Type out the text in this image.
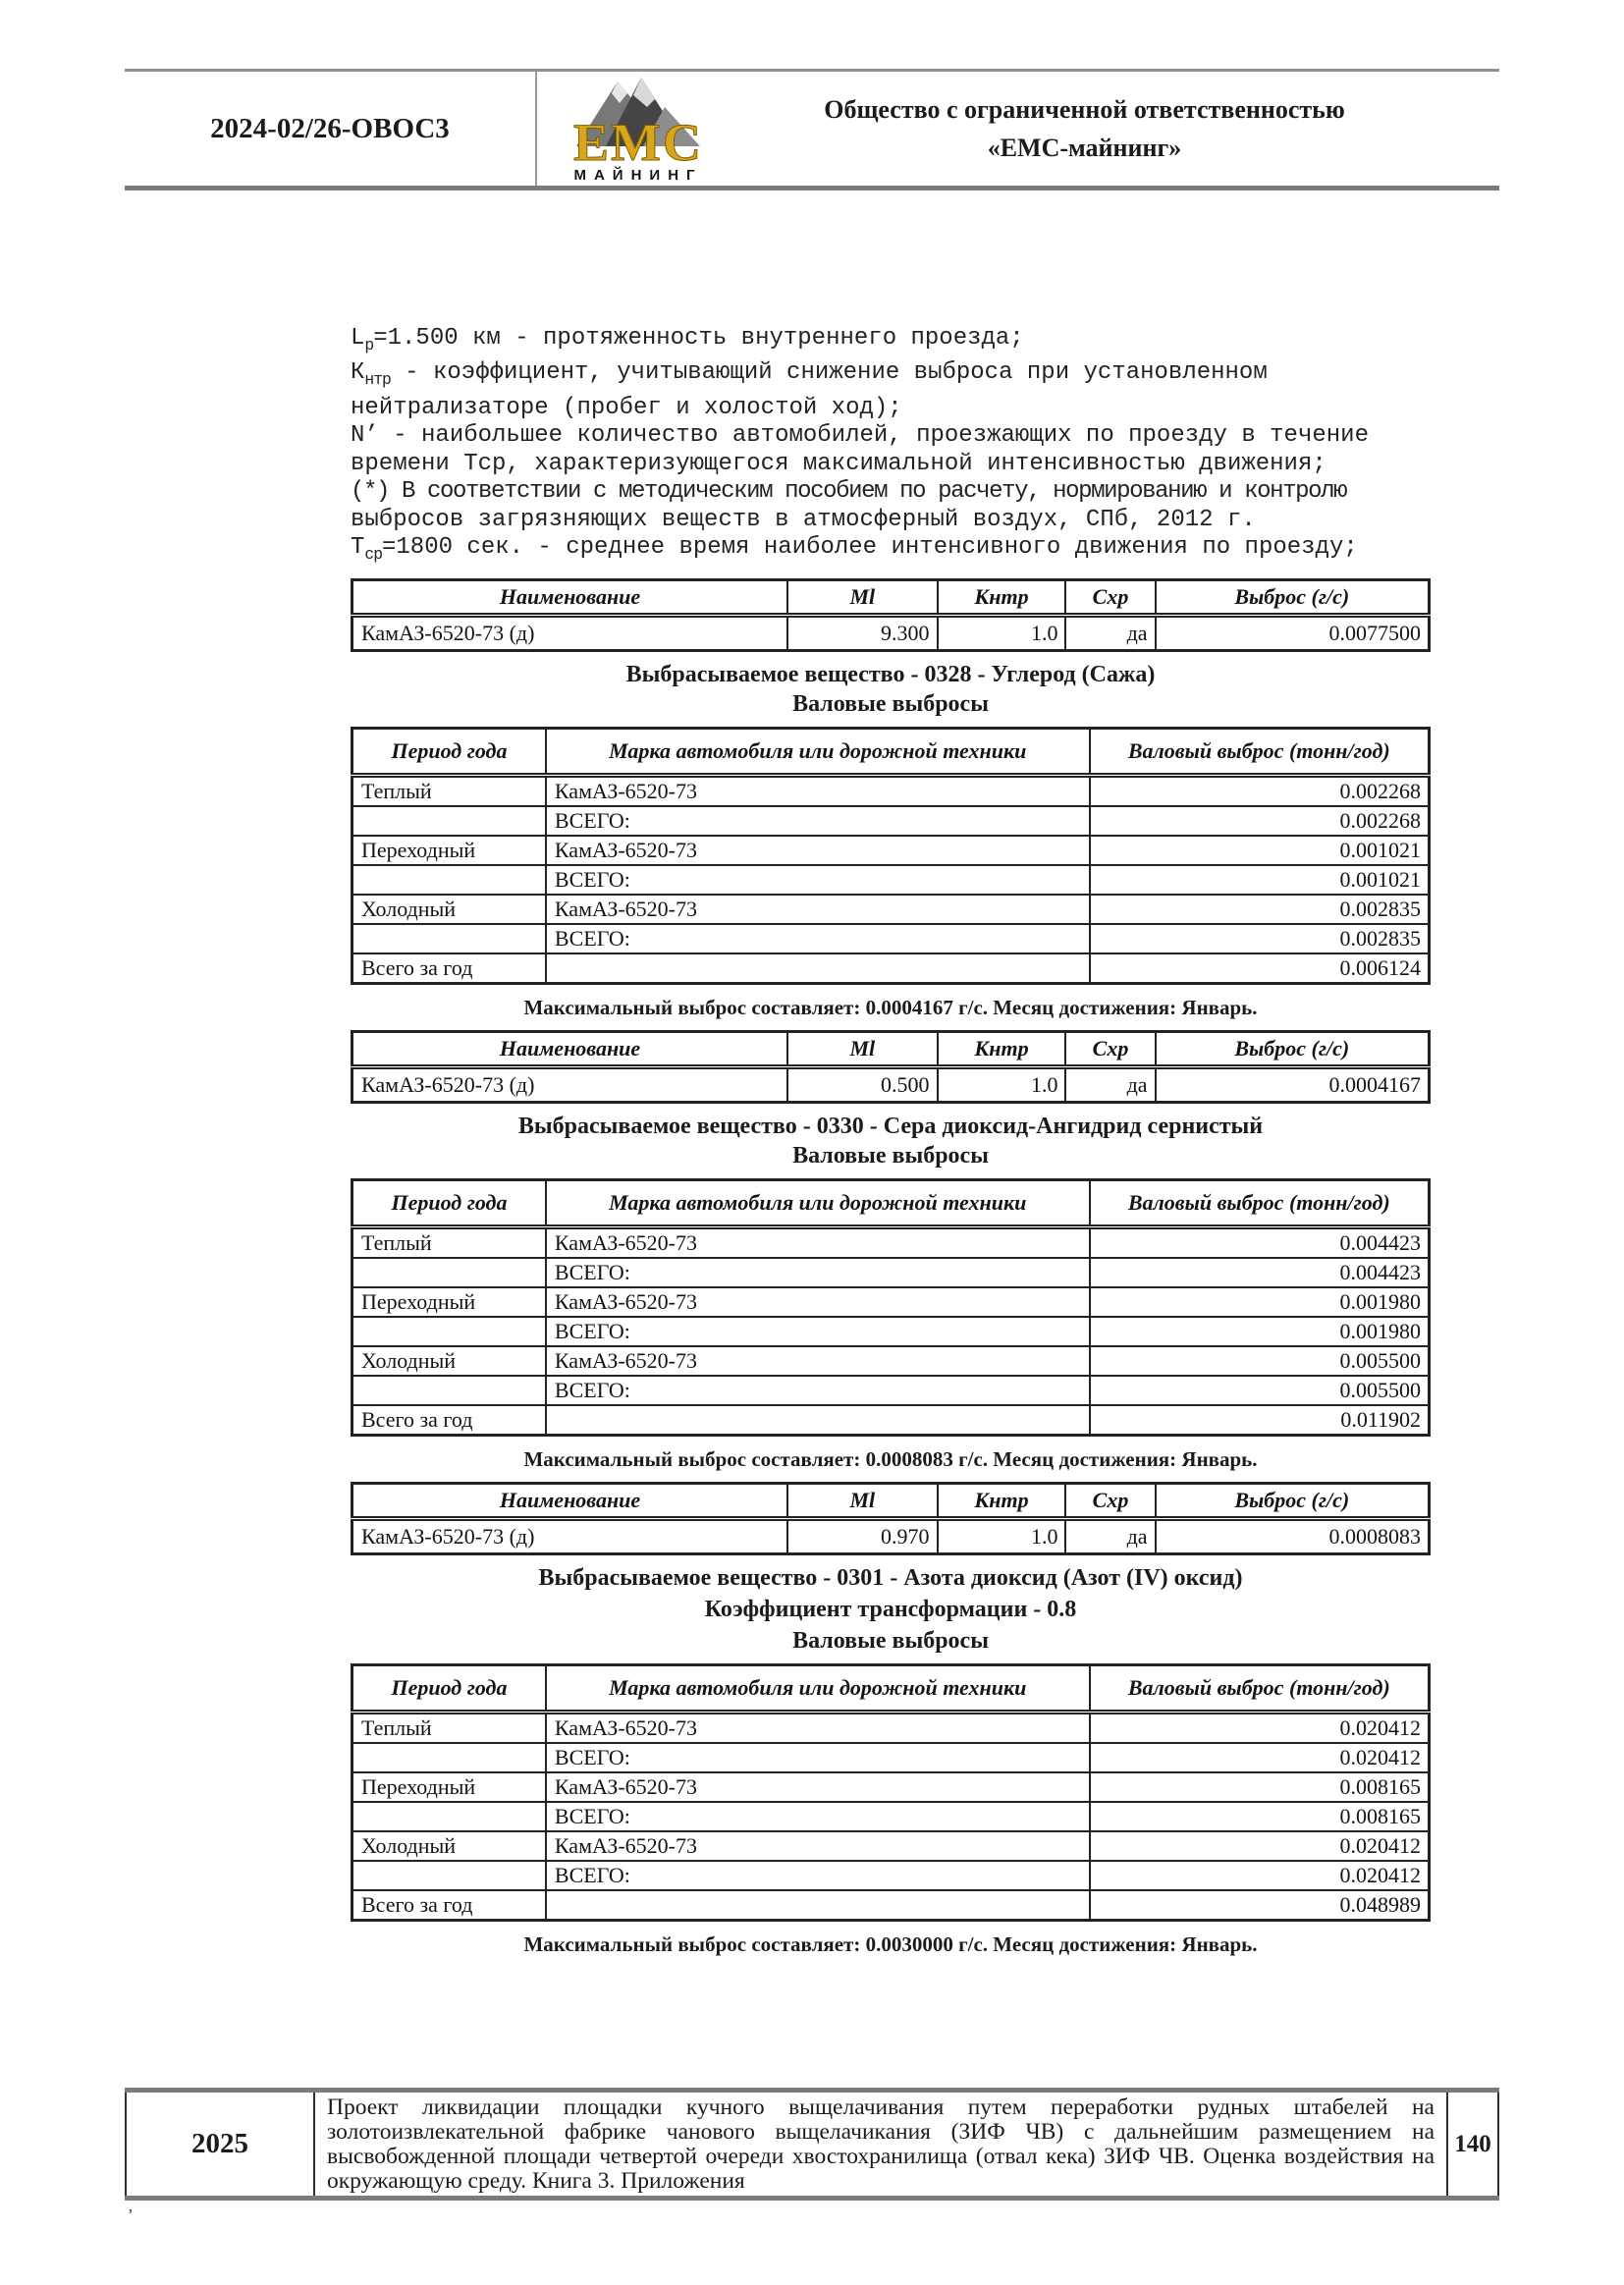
2024-02/26-ОВОС3	ЕМС
МАЙНИНГ
Общество с ограниченной ответственностью
«ЕМС-майнинг»
$L_p=1.500$ км - протяженность внутреннего проезда;
$К_{нтр}$ - коэффициент, учитывающий снижение выброса при установленном
нейтрализаторе (пробег и холостой ход);
N’ - наибольшее количество автомобилей, проезжающих по проезду в течение
времени Тср, характеризующегося максимальной интенсивностью движения;
(*) В соответствии с методическим пособием по расчету, нормированию и контролю
выбросов загрязняющих веществ в атмосферный воздух, СПб, 2012 г.
$Т_{ср}=1800$ сек. - среднее время наиболее интенсивного движения по проезду;
Наименование	Ml	Кнтр	Схр	Выброс (г/с)
КамАЗ-6520-73 (д)	9.300	1.0	да	0.0077500
Выбрасываемое вещество - 0328 - Углерод (Сажа)
Валовые выбросы
Период года	Марка автомобиля или дорожной техники	Валовый выброс (тонн/год)
Теплый	КамАЗ-6520-73	0.002268
	ВСЕГО:	0.002268
Переходный	КамАЗ-6520-73	0.001021
	ВСЕГО:	0.001021
Холодный	КамАЗ-6520-73	0.002835
	ВСЕГО:	0.002835
Всего за год		0.006124
Максимальный выброс составляет: 0.0004167 г/с. Месяц достижения: Январь.
Наименование	Ml	Кнтр	Схр	Выброс (г/с)
КамАЗ-6520-73 (д)	0.500	1.0	да	0.0004167
Выбрасываемое вещество - 0330 - Сера диоксид-Ангидрид сернистый
Валовые выбросы
Период года	Марка автомобиля или дорожной техники	Валовый выброс (тонн/год)
Теплый	КамАЗ-6520-73	0.004423
	ВСЕГО:	0.004423
Переходный	КамАЗ-6520-73	0.001980
	ВСЕГО:	0.001980
Холодный	КамАЗ-6520-73	0.005500
	ВСЕГО:	0.005500
Всего за год		0.011902
Максимальный выброс составляет: 0.0008083 г/с. Месяц достижения: Январь.
Наименование	Ml	Кнтр	Схр	Выброс (г/с)
КамАЗ-6520-73 (д)	0.970	1.0	да	0.0008083
Выбрасываемое вещество - 0301 - Азота диоксид (Азот (IV) оксид)
Коэффициент трансформации - 0.8
Валовые выбросы
Период года	Марка автомобиля или дорожной техники	Валовый выброс (тонн/год)
Теплый	КамАЗ-6520-73	0.020412
	ВСЕГО:	0.020412
Переходный	КамАЗ-6520-73	0.008165
	ВСЕГО:	0.008165
Холодный	КамАЗ-6520-73	0.020412
	ВСЕГО:	0.020412
Всего за год		0.048989
Максимальный выброс составляет: 0.0030000 г/с. Месяц достижения: Январь.
2025
Проект ликвидации площадки кучного выщелачивания путем переработки рудных штабелей на золотоизвлекательной фабрике чанового выщелачикания (ЗИФ ЧВ) с дальнейшим размещением на высвобожденной площади четвертой очереди хвостохранилища (отвал кека) ЗИФ ЧВ. Оценка воздействия на окружающую среду. Книга 3. Приложения
140
’
